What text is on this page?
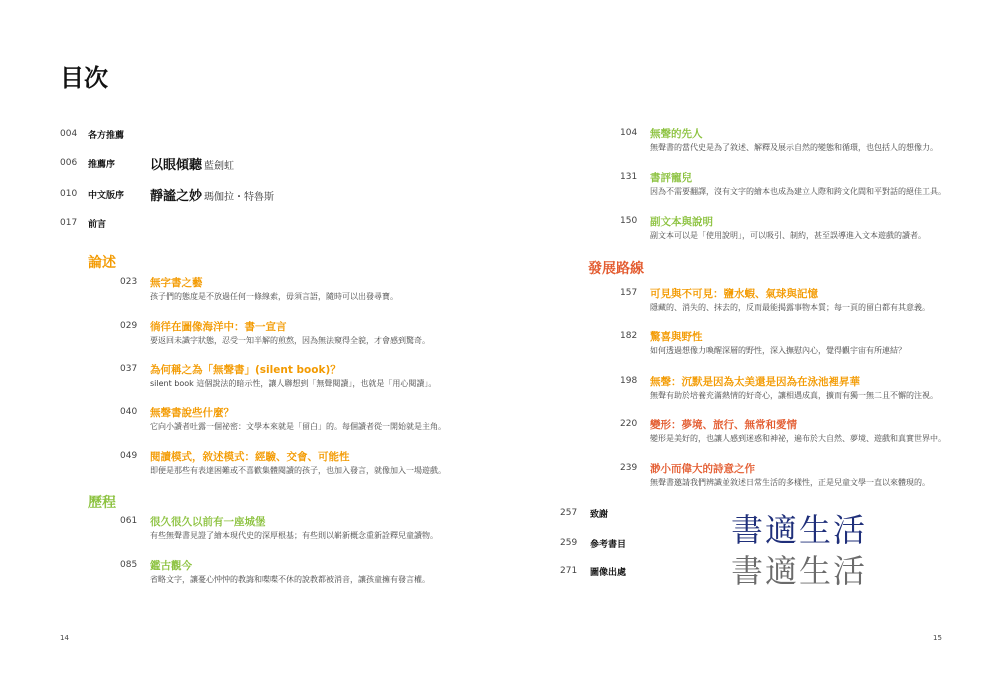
目次
004 各方推薦
006 推薦序	以眼傾聽 藍劍虹
010 中文版序 靜謐之妙 瑪伽拉・特魯斯
017 前言
論述
023 無字書之藝
孩子們的態度是不放過任何一條線索，毋須言語，隨時可以出發尋寶。
029 徜徉在圖像海洋中：書一宣言
要返回未識字狀態，忍受一知半解的煎熬，因為無法窺得全貌，才會感到驚奇。
037 為何稱之為「無聲書」(silent book)？
silent book 這個說法的暗示性，讓人聯想到「無聲閱讀」，也就是「用心閱讀」。
040 無聲書說些什麼？
它向小讀者吐露一個祕密：文學本來就是「留白」的。每個讀者從一開始就是主角。
049 閱讀模式，敘述模式：經驗、交會、可能性
即便是那些有表達困難或不喜歡集體閱讀的孩子，也加入發言，就像加入一場遊戲。
歷程
061 很久很久以前有一座城堡
有些無聲書見證了繪本現代史的深厚根基；有些則以嶄新概念重新詮釋兒童讀物。
085 鑑古觀今
省略文字，讓憂心忡忡的教誨和喋喋不休的說教都被消音，讓孩童擁有發言權。
104 無聲的先人
無聲書的當代史是為了敘述、解釋及展示自然的變態和循環，也包括人的想像力。
131 書評寵兒
因為不需要翻譯，沒有文字的繪本也成為建立人際和跨文化間和平對話的絕佳工具。
150 副文本與說明
副文本可以是「使用說明」，可以吸引、制約，甚至誤導進入文本遊戲的讀者。
發展路線
157 可見與不可見：鹽水蝦、氣球與記憶
隱藏的、消失的、抹去的，反而最能揭露事物本質；每一頁的留白都有其意義。
182 驚喜與野性
如何透過想像力喚醒深層的野性，深入撫慰內心，覺得觀宇宙有所連結？
198 無聲：沉默是因為太美還是因為在泳池裡昇華
無聲有助於培養充滿熱情的好奇心，讓相遇成真，擴而有獨一無二且不懈的注視。
220 變形：夢境、旅行、無常和愛情
變形是美好的，也讓人感到迷惑和神祕，遍布於大自然、夢境、遊戲和真實世界中。
239 渺小而偉大的詩意之作
無聲書邀請我們辨識並敘述日常生活的多樣性，正是兒童文學一直以來體現的。
257 致謝
259 參考書目
271 圖像出處
書適生活
書適生活
14	15
